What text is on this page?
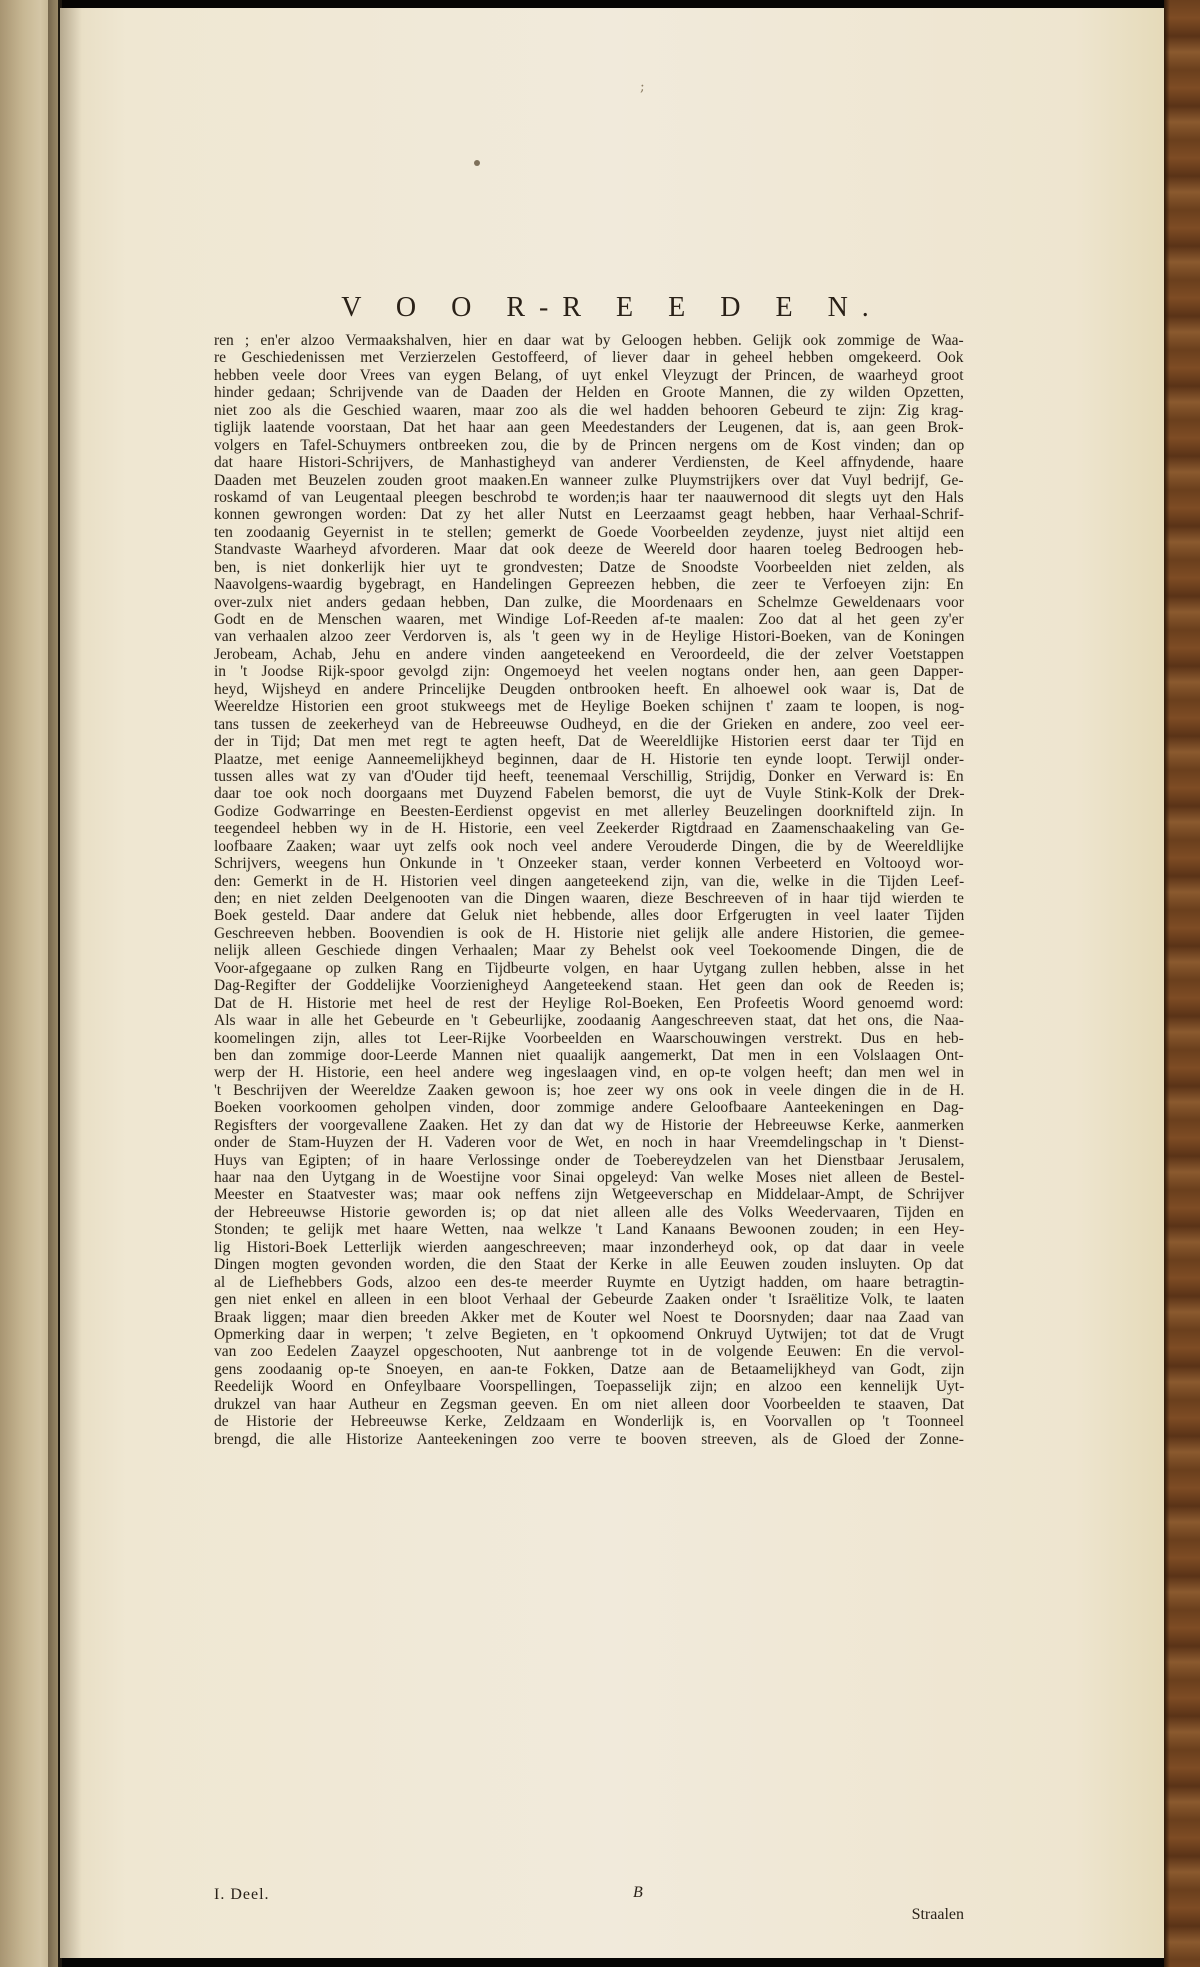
;
V O O R-R E E D E N.
ren ; en'er alzoo Vermaakshalven, hier en daar wat by Geloogen hebben. Gelijk ook zommige de Waa-
re Geschiedenissen met Verzierzelen Gestoffeerd, of liever daar in geheel hebben omgekeerd. Ook
hebben veele door Vrees van eygen Belang, of uyt enkel Vleyzugt der Princen, de waarheyd groot
hinder gedaan; Schrijvende van de Daaden der Helden en Groote Mannen, die zy wilden Opzetten,
niet zoo als die Geschied waaren, maar zoo als die wel hadden behooren Gebeurd te zijn: Zig krag-
tiglijk laatende voorstaan, Dat het haar aan geen Meedestanders der Leugenen, dat is, aan geen Brok-
volgers en Tafel-Schuymers ontbreeken zou, die by de Princen nergens om de Kost vinden; dan op
dat haare Histori-Schrijvers, de Manhastigheyd van anderer Verdiensten, de Keel affnydende, haare
Daaden met Beuzelen zouden groot maaken.En wanneer zulke Pluymstrijkers over dat Vuyl bedrijf, Ge-
roskamd of van Leugentaal pleegen beschrobd te worden;is haar ter naauwernood dit slegts uyt den Hals
konnen gewrongen worden: Dat zy het aller Nutst en Leerzaamst geagt hebben, haar Verhaal-Schrif-
ten zoodaanig Geyernist in te stellen; gemerkt de Goede Voorbeelden zeydenze, juyst niet altijd een
Standvaste Waarheyd afvorderen. Maar dat ook deeze de Weereld door haaren toeleg Bedroogen heb-
ben, is niet donkerlijk hier uyt te grondvesten; Datze de Snoodste Voorbeelden niet zelden, als
Naavolgens-waardig bygebragt, en Handelingen Gepreezen hebben, die zeer te Verfoeyen zijn: En
over-zulx niet anders gedaan hebben, Dan zulke, die Moordenaars en Schelmze Geweldenaars voor
Godt en de Menschen waaren, met Windige Lof-Reeden af-te maalen: Zoo dat al het geen zy'er
van verhaalen alzoo zeer Verdorven is, als 't geen wy in de Heylige Histori-Boeken, van de Koningen
Jerobeam, Achab, Jehu en andere vinden aangeteekend en Veroordeeld, die der zelver Voetstappen
in 't Joodse Rijk-spoor gevolgd zijn: Ongemoeyd het veelen nogtans onder hen, aan geen Dapper-
heyd, Wijsheyd en andere Princelijke Deugden ontbrooken heeft. En alhoewel ook waar is, Dat de
Weereldze Historien een groot stukweegs met de Heylige Boeken schijnen t' zaam te loopen, is nog-
tans tussen de zeekerheyd van de Hebreeuwse Oudheyd, en die der Grieken en andere, zoo veel eer-
der in Tijd; Dat men met regt te agten heeft, Dat de Weereldlijke Historien eerst daar ter Tijd en
Plaatze, met eenige Aanneemelijkheyd beginnen, daar de H. Historie ten eynde loopt. Terwijl onder-
tussen alles wat zy van d'Ouder tijd heeft, teenemaal Verschillig, Strijdig, Donker en Verward is: En
daar toe ook noch doorgaans met Duyzend Fabelen bemorst, die uyt de Vuyle Stink-Kolk der Drek-
Godize Godwarringe en Beesten-Eerdienst opgevist en met allerley Beuzelingen doorknifteld zijn. In
teegendeel hebben wy in de H. Historie, een veel Zeekerder Rigtdraad en Zaamenschaakeling van Ge-
loofbaare Zaaken; waar uyt zelfs ook noch veel andere Verouderde Dingen, die by de Weereldlijke
Schrijvers, weegens hun Onkunde in 't Onzeeker staan, verder konnen Verbeeterd en Voltooyd wor-
den: Gemerkt in de H. Historien veel dingen aangeteekend zijn, van die, welke in die Tijden Leef-
den; en niet zelden Deelgenooten van die Dingen waaren, dieze Beschreeven of in haar tijd wierden te
Boek gesteld. Daar andere dat Geluk niet hebbende, alles door Erfgerugten in veel laater Tijden
Geschreeven hebben. Boovendien is ook de H. Historie niet gelijk alle andere Historien, die gemee-
nelijk alleen Geschiede dingen Verhaalen; Maar zy Behelst ook veel Toekoomende Dingen, die de
Voor-afgegaane op zulken Rang en Tijdbeurte volgen, en haar Uytgang zullen hebben, alsse in het
Dag-Regifter der Goddelijke Voorzienigheyd Aangeteekend staan. Het geen dan ook de Reeden is;
Dat de H. Historie met heel de rest der Heylige Rol-Boeken, Een Profeetis Woord genoemd word:
Als waar in alle het Gebeurde en 't Gebeurlijke, zoodaanig Aangeschreeven staat, dat het ons, die Naa-
koomelingen zijn, alles tot Leer-Rijke Voorbeelden en Waarschouwingen verstrekt. Dus en heb-
ben dan zommige door-Leerde Mannen niet quaalijk aangemerkt, Dat men in een Volslaagen Ont-
werp der H. Historie, een heel andere weg ingeslaagen vind, en op-te volgen heeft; dan men wel in
't Beschrijven der Weereldze Zaaken gewoon is; hoe zeer wy ons ook in veele dingen die in de H.
Boeken voorkoomen geholpen vinden, door zommige andere Geloofbaare Aanteekeningen en Dag-
Regisfters der voorgevallene Zaaken. Het zy dan dat wy de Historie der Hebreeuwse Kerke, aanmerken
onder de Stam-Huyzen der H. Vaderen voor de Wet, en noch in haar Vreemdelingschap in 't Dienst-
Huys van Egipten; of in haare Verlossinge onder de Toebereydzelen van het Dienstbaar Jerusalem,
haar naa den Uytgang in de Woestijne voor Sinai opgeleyd: Van welke Moses niet alleen de Bestel-
Meester en Staatvester was; maar ook neffens zijn Wetgeeverschap en Middelaar-Ampt, de Schrijver
der Hebreeuwse Historie geworden is; op dat niet alleen alle des Volks Weedervaaren, Tijden en
Stonden; te gelijk met haare Wetten, naa welkze 't Land Kanaans Bewoonen zouden; in een Hey-
lig Histori-Boek Letterlijk wierden aangeschreeven; maar inzonderheyd ook, op dat daar in veele
Dingen mogten gevonden worden, die den Staat der Kerke in alle Eeuwen zouden insluyten. Op dat
al de Liefhebbers Gods, alzoo een des-te meerder Ruymte en Uytzigt hadden, om haare betragtin-
gen niet enkel en alleen in een bloot Verhaal der Gebeurde Zaaken onder 't Israëlitize Volk, te laaten
Braak liggen; maar dien breeden Akker met de Kouter wel Noest te Doorsnyden; daar naa Zaad van
Opmerking daar in werpen; 't zelve Begieten, en 't opkoomend Onkruyd Uytwijen; tot dat de Vrugt
van zoo Eedelen Zaayzel opgeschooten, Nut aanbrenge tot in de volgende Eeuwen: En die vervol-
gens zoodaanig op-te Snoeyen, en aan-te Fokken, Datze aan de Betaamelijkheyd van Godt, zijn
Reedelijk Woord en Onfeylbaare Voorspellingen, Toepasselijk zijn; en alzoo een kennelijk Uyt-
drukzel van haar Autheur en Zegsman geeven. En om niet alleen door Voorbeelden te staaven, Dat
de Historie der Hebreeuwse Kerke, Zeldzaam en Wonderlijk is, en Voorvallen op 't Toonneel
brengd, die alle Historize Aanteekeningen zoo verre te booven streeven, als de Gloed der Zonne-
I. Deel.	B
Straalen
